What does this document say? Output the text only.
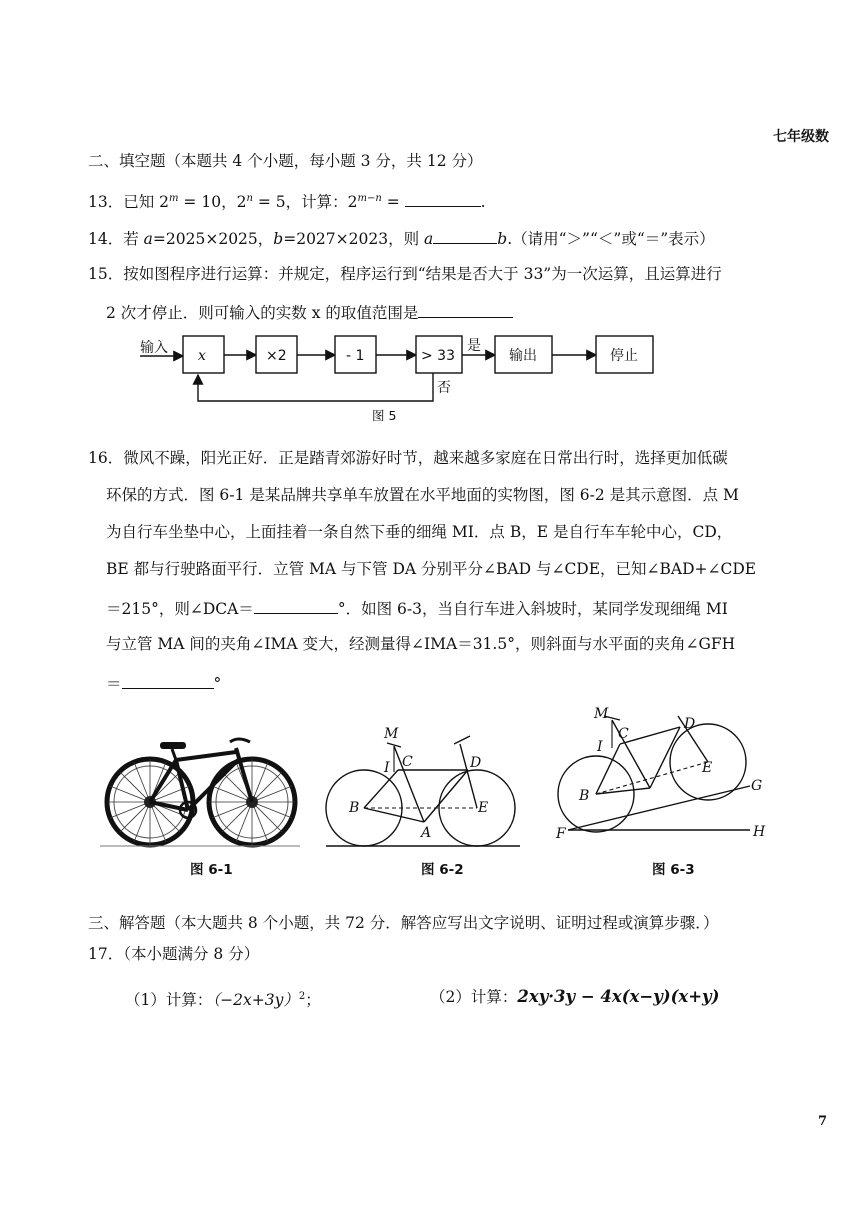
七年级数
二、填空题（本题共 4 个小题，每小题 3 分，共 12 分）
13．已知 $2^m = 10$，$2^n = 5$，计算：$2^{m-n}$ =	.
14．若 a=2025×2025，b=2027×2023，则 a	b.（请用“＞”“＜”或“＝”表示）
15．按如图程序进行运算：并规定，程序运行到“结果是否大于 33”为一次运算，且运算进行
2 次才停止．则可输入的实数 x 的取值范围是
输入 x	×2	- 1	> 33	输出	停止
是
否
图 5
16．微风不躁，阳光正好．正是踏青郊游好时节，越来越多家庭在日常出行时，选择更加低碳
环保的方式．图 6-1 是某品牌共享单车放置在水平地面的实物图，图 6-2 是其示意图．点 M
为自行车坐垫中心，上面挂着一条自然下垂的细绳 MI．点 B，E 是自行车车轮中心，CD，
BE 都与行驶路面平行．立管 MA 与下管 DA 分别平分∠BAD 与∠CDE，已知∠BAD+∠CDE
＝215°，则∠DCA＝	°．如图 6-3，当自行车进入斜坡时，某同学发现细绳 MI
与立管 MA 间的夹角∠IMA 变大，经测量得∠IMA＝31.5°，则斜面与水平面的夹角∠GFH
＝	°
M
I C	D
B	E
A
M
I
C
D
E
B
G
F	H
图 6-1	图 6-2	图 6-3
三、解答题（本大题共 8 个小题，共 72 分．解答应写出文字说明、证明过程或演算步骤．）
17．（本小题满分 8 分）
（1）计算：$(-2x+3y)^2$；	（2）计算：2xy·3y − 4x(x−y)(x+y)
7
